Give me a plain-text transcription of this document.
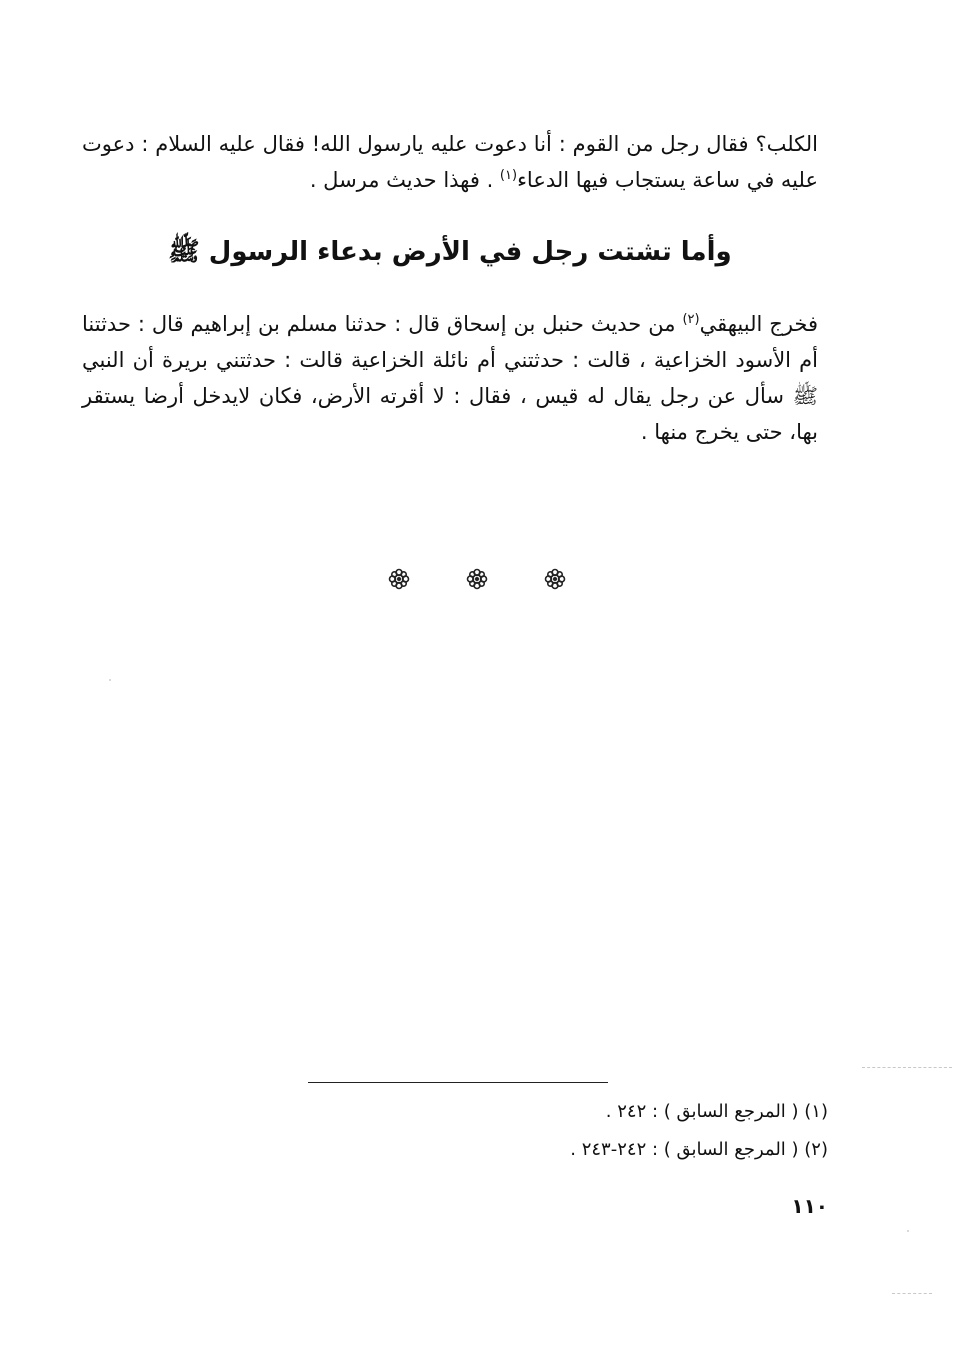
الكلب؟ فقال رجل من القوم : أنا دعوت عليه يارسول الله! فقال عليه السلام : دعوت عليه في ساعة يستجاب فيها الدعاء$^{(١)}$ . فهذا حديث مرسل .

وأما تشتت رجل في الأرض بدعاء الرسول ﷺ

فخرج البيهقي$^{(٢)}$ من حديث حنبل بن إسحاق قال : حدثنا مسلم بن إبراهيم قال : حدثتنا أم الأسود الخزاعية ، قالت : حدثتني أم نائلة الخزاعية قالت : حدثتني بريرة أن النبي ﷺ سأل عن رجل يقال له قيس ، فقال : لا أقرته الأرض، فكان لايدخل أرضا يستقر بها، حتى يخرج منها .

(١) ( المرجع السابق ) : ٢٤٢ .
(٢) ( المرجع السابق ) : ٢٤٢-٢٤٣ .
١١٠
